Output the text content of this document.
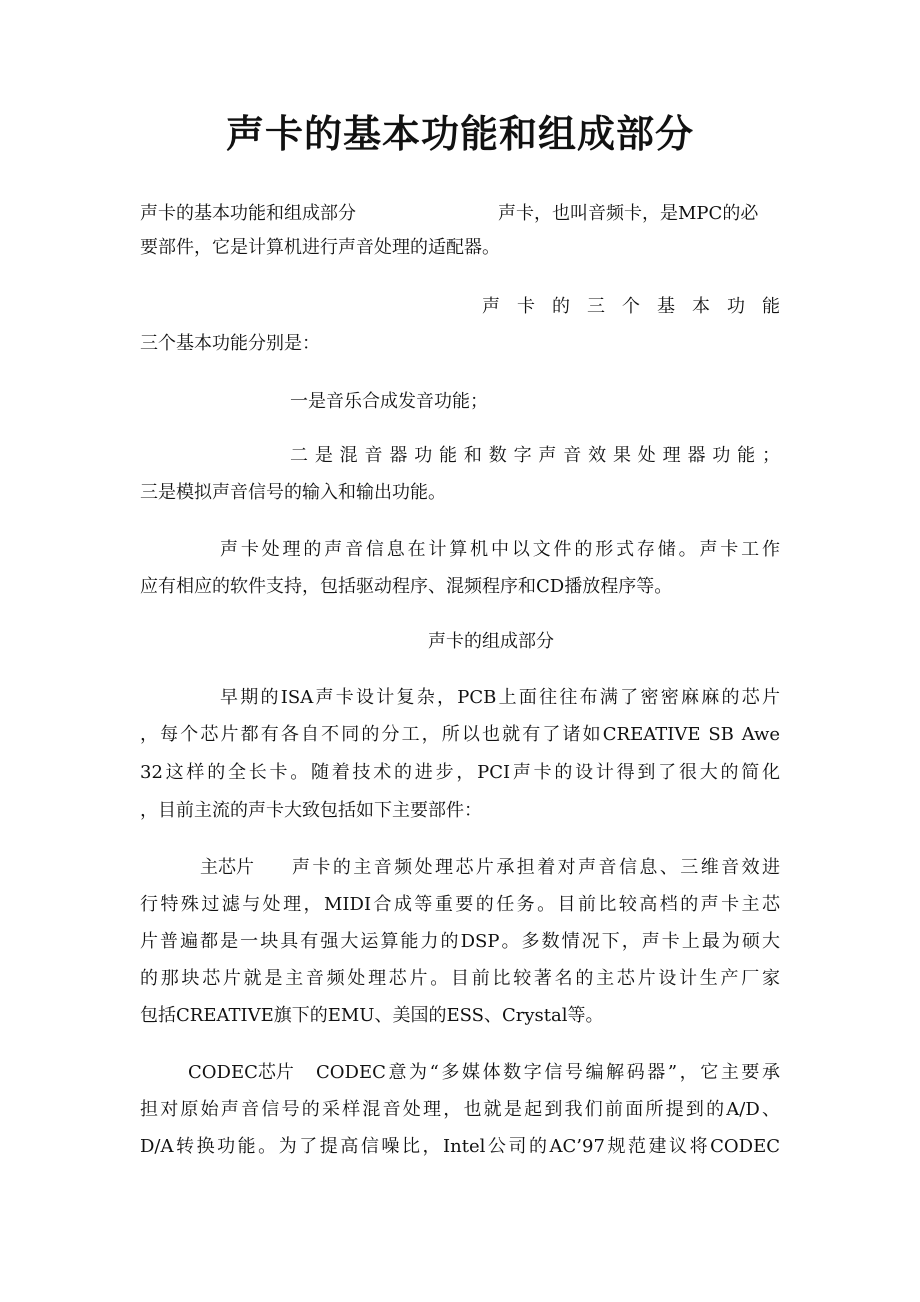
声卡的基本功能和组成部分
声卡的基本功能和组成部分	声卡，也叫音频卡，是MPC的必
要部件，它是计算机进行声音处理的适配器。
声 卡 的 三 个 基 本 功 能
三个基本功能分别是：
一是音乐合成发音功能；
二是混音器功能和数字声音效果处理器功能；
三是模拟声音信号的输入和输出功能。
声卡处理的声音信息在计算机中以文件的形式存储。声卡工作
应有相应的软件支持，包括驱动程序、混频程序和CD播放程序等。
声卡的组成部分
早期的ISA声卡设计复杂，PCB上面往往布满了密密麻麻的芯片
，每个芯片都有各自不同的分工，所以也就有了诸如CREATIVE SB Awe
32这样的全长卡。随着技术的进步，PCI声卡的设计得到了很大的简化
，目前主流的声卡大致包括如下主要部件：
主芯片 声卡的主音频处理芯片承担着对声音信息、三维音效进
行特殊过滤与处理，MIDI合成等重要的任务。目前比较高档的声卡主芯
片普遍都是一块具有强大运算能力的DSP。多数情况下，声卡上最为硕大
的那块芯片就是主音频处理芯片。目前比较著名的主芯片设计生产厂家
包括CREATIVE旗下的EMU、美国的ESS、Crystal等。
CODEC芯片 CODEC意为“多媒体数字信号编解码器”，它主要承
担对原始声音信号的采样混音处理，也就是起到我们前面所提到的A/D、
D/A转换功能。为了提高信噪比，Intel公司的AC’97规范建议将CODEC
